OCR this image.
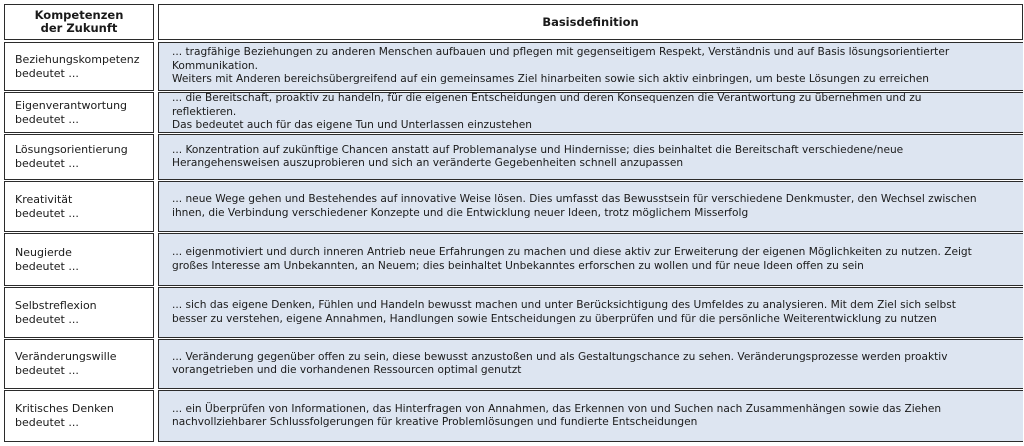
Kompetenzen
der Zukunft	Basisdefinition
Beziehungskompetenz
bedeutet ...
... tragfähige Beziehungen zu anderen Menschen aufbauen und pflegen mit gegenseitigem Respekt, Verständnis und auf Basis lösungsorientierter
Kommunikation.
Weiters mit Anderen bereichsübergreifend auf ein gemeinsames Ziel hinarbeiten sowie sich aktiv einbringen, um beste Lösungen zu erreichen
Eigenverantwortung
bedeutet ...
... die Bereitschaft, proaktiv zu handeln, für die eigenen Entscheidungen und deren Konsequenzen die Verantwortung zu übernehmen und zu
reflektieren.
Das bedeutet auch für das eigene Tun und Unterlassen einzustehen
Lösungsorientierung
bedeutet ...
... Konzentration auf zukünftige Chancen anstatt auf Problemanalyse und Hindernisse; dies beinhaltet die Bereitschaft verschiedene/neue
Herangehensweisen auszuprobieren und sich an veränderte Gegebenheiten schnell anzupassen
Kreativität
bedeutet ...
... neue Wege gehen und Bestehendes auf innovative Weise lösen. Dies umfasst das Bewusstsein für verschiedene Denkmuster, den Wechsel zwischen
ihnen, die Verbindung verschiedener Konzepte und die Entwicklung neuer Ideen, trotz möglichem Misserfolg
Neugierde
bedeutet ...
... eigenmotiviert und durch inneren Antrieb neue Erfahrungen zu machen und diese aktiv zur Erweiterung der eigenen Möglichkeiten zu nutzen. Zeigt
großes Interesse am Unbekannten, an Neuem; dies beinhaltet Unbekanntes erforschen zu wollen und für neue Ideen offen zu sein
Selbstreflexion
bedeutet ...
... sich das eigene Denken, Fühlen und Handeln bewusst machen und unter Berücksichtigung des Umfeldes zu analysieren. Mit dem Ziel sich selbst
besser zu verstehen, eigene Annahmen, Handlungen sowie Entscheidungen zu überprüfen und für die persönliche Weiterentwicklung zu nutzen
Veränderungswille
bedeutet ...
... Veränderung gegenüber offen zu sein, diese bewusst anzustoßen und als Gestaltungschance zu sehen. Veränderungsprozesse werden proaktiv
vorangetrieben und die vorhandenen Ressourcen optimal genutzt
Kritisches Denken
bedeutet ...
... ein Überprüfen von Informationen, das Hinterfragen von Annahmen, das Erkennen von und Suchen nach Zusammenhängen sowie das Ziehen
nachvollziehbarer Schlussfolgerungen für kreative Problemlösungen und fundierte Entscheidungen
